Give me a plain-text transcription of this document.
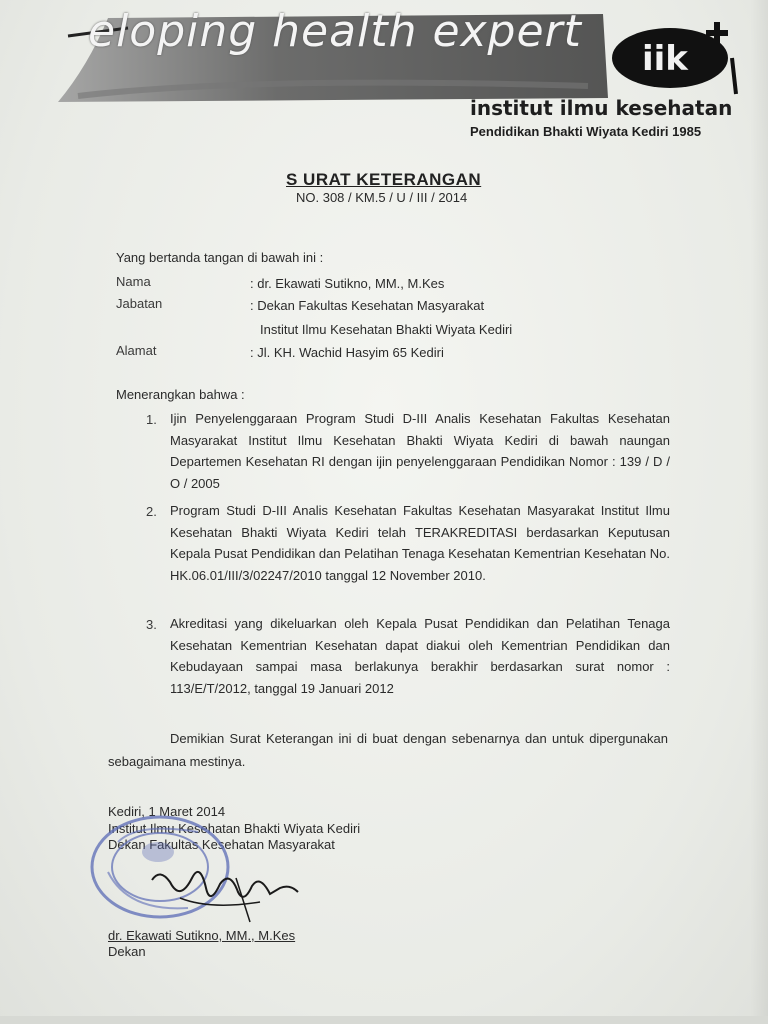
eloping health expert
iik
institut ilmu kesehatan
Pendidikan Bhakti Wiyata Kediri 1985
S URAT KETERANGAN
NO. 308 / KM.5 / U / III / 2014
Yang bertanda tangan di bawah ini :
Nama	: dr. Ekawati Sutikno, MM., M.Kes
Jabatan	: Dekan Fakultas Kesehatan Masyarakat
Institut Ilmu Kesehatan Bhakti Wiyata Kediri
Alamat	: Jl. KH. Wachid Hasyim 65 Kediri
Menerangkan bahwa :
1. Ijin Penyelenggaraan Program Studi D-III Analis Kesehatan Fakultas Kesehatan Masyarakat Institut Ilmu Kesehatan Bhakti Wiyata Kediri di bawah naungan Departemen Kesehatan RI dengan ijin penyelenggaraan Pendidikan Nomor : 139 / D / O / 2005
2. Program Studi D-III Analis Kesehatan Fakultas Kesehatan Masyarakat Institut Ilmu Kesehatan Bhakti Wiyata Kediri telah TERAKREDITASI berdasarkan Keputusan Kepala Pusat Pendidikan dan Pelatihan Tenaga Kesehatan Kementrian Kesehatan No. HK.06.01/III/3/02247/2010 tanggal 12 November 2010.
3. Akreditasi yang dikeluarkan oleh Kepala Pusat Pendidikan dan Pelatihan Tenaga Kesehatan Kementrian Kesehatan dapat diakui oleh Kementrian Pendidikan dan Kebudayaan sampai masa berlakunya berakhir berdasarkan surat nomor : 113/E/T/2012, tanggal 19 Januari 2012
Demikian Surat Keterangan ini di buat dengan sebenarnya dan untuk dipergunakan sebagaimana mestinya.
Kediri, 1 Maret 2014
Institut Ilmu Kesehatan Bhakti Wiyata Kediri
Dekan Fakultas Kesehatan Masyarakat
dr. Ekawati Sutikno, MM., M.Kes
Dekan
